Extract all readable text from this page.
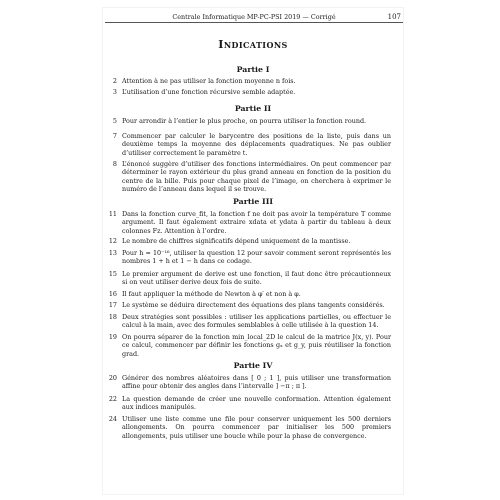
Centrale Informatique MP-PC-PSI 2019 — Corrigé	107
Indications
Partie I
2 Attention à ne pas utiliser la fonction moyenne n fois.
3 L’utilisation d’une fonction récursive semble adaptée.
Partie II
5 Pour arrondir à l’entier le plus proche, on pourra utiliser la fonction round.
7 Commencer par calculer le barycentre des positions de la liste, puis dans un deuxième temps la moyenne des déplacements quadratiques. Ne pas oublier d’utiliser correctement le paramètre t.
8 L’énoncé suggère d’utiliser des fonctions intermédiaires. On peut commencer par déterminer le rayon extérieur du plus grand anneau en fonction de la position du centre de la bille. Puis pour chaque pixel de l’image, on cherchera à exprimer le numéro de l’anneau dans lequel il se trouve.
Partie III
11 Dans la fonction curve_fit, la fonction f ne doit pas avoir la température T comme argument. Il faut également extraire xdata et ydata à partir du tableau à deux colonnes Fz. Attention à l’ordre.
12 Le nombre de chiffres significatifs dépend uniquement de la mantisse.
13 Pour h = 10⁻¹⁶, utiliser la question 12 pour savoir comment seront représentés les nombres 1 + h et 1 − h dans ce codage.
15 Le premier argument de derive est une fonction, il faut donc être précautionneux si on veut utiliser derive deux fois de suite.
16 Il faut appliquer la méthode de Newton à φ′ et non à φ.
17 Le système se déduira directement des équations des plans tangents considérés.
18 Deux stratégies sont possibles : utiliser les applications partielles, ou effectuer le calcul à la main, avec des formules semblables à celle utilisée à la question 14.
19 On pourra séparer de la fonction min_local_2D le calcul de la matrice J(x, y). Pour ce calcul, commencer par définir les fonctions gₓ et g_y, puis réutiliser la fonction grad.
Partie IV
20 Générer des nombres aléatoires dans [ 0 ; 1 ], puis utiliser une transformation affine pour obtenir des angles dans l’intervalle ] −π ; π ].
22 La question demande de créer une nouvelle conformation. Attention également aux indices manipulés.
24 Utiliser une liste comme une file pour conserver uniquement les 500 derniers allongements. On pourra commencer par initialiser les 500 premiers allongements, puis utiliser une boucle while pour la phase de convergence.
